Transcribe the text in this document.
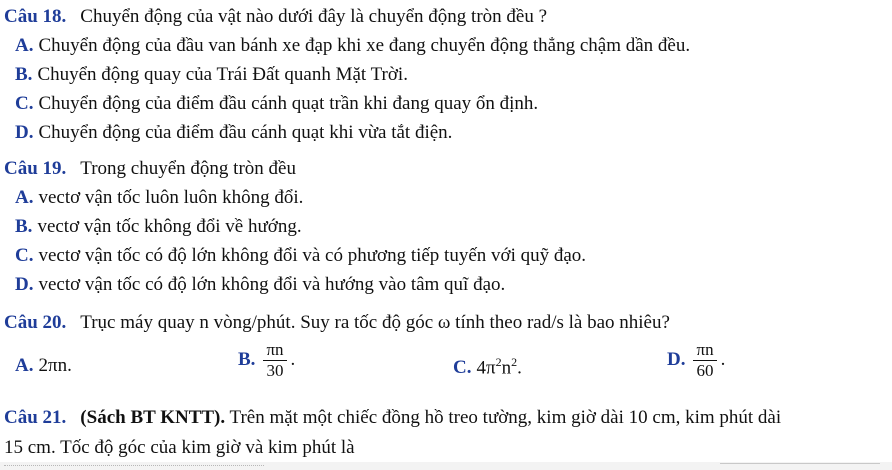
Câu 18. Chuyển động của vật nào dưới đây là chuyển động tròn đều ?
A. Chuyển động của đầu van bánh xe đạp khi xe đang chuyển động thẳng chậm dần đều.
B. Chuyển động quay của Trái Đất quanh Mặt Trời.
C. Chuyển động của điểm đầu cánh quạt trần khi đang quay ổn định.
D. Chuyển động của điểm đầu cánh quạt khi vừa tắt điện.
Câu 19. Trong chuyển động tròn đều
A. vectơ vận tốc luôn luôn không đổi.
B. vectơ vận tốc không đổi về hướng.
C. vectơ vận tốc có độ lớn không đổi và có phương tiếp tuyến với quỹ đạo.
D. vectơ vận tốc có độ lớn không đổi và hướng vào tâm quĩ đạo.
Câu 20. Trục máy quay n vòng/phút. Suy ra tốc độ góc ω tính theo rad/s là bao nhiêu?
A. 2πn.	B. $\frac{\pi n}{30}$ .	C. $4\pi^2n^2$.	D. $\frac{\pi n}{60}$ .
Câu 21. (Sách BT KNTT). Trên mặt một chiếc đồng hồ treo tường, kim giờ dài 10 cm, kim phút dài
15 cm. Tốc độ góc của kim giờ và kim phút là
